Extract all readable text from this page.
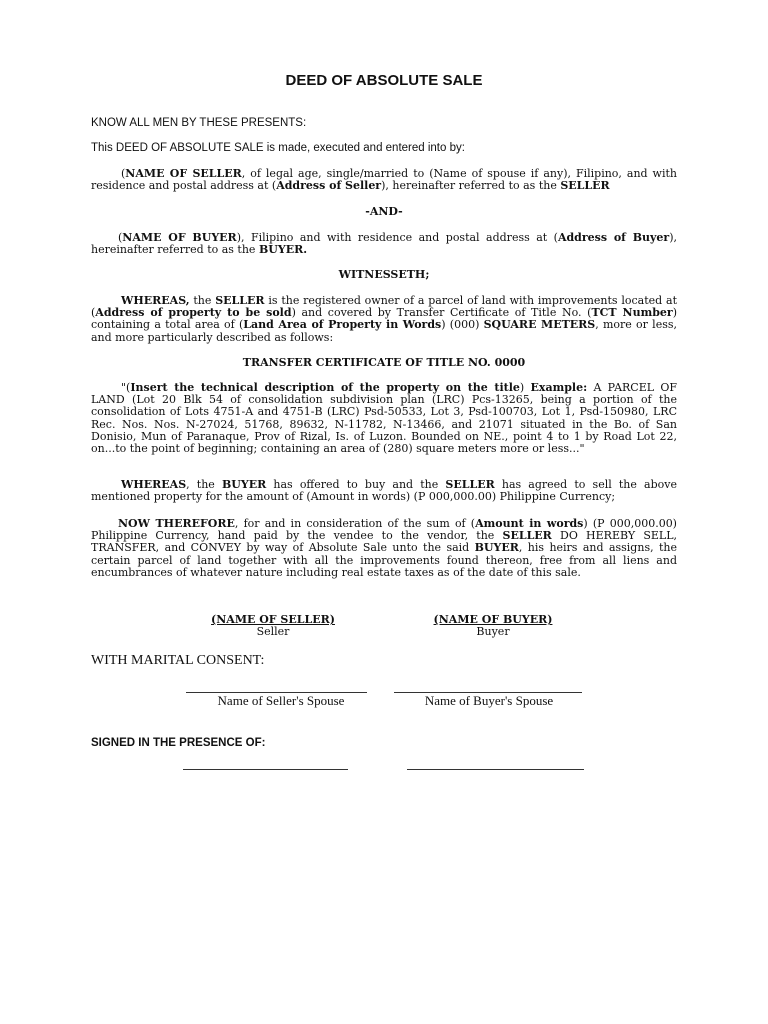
DEED OF ABSOLUTE SALE
KNOW ALL MEN BY THESE PRESENTS:
This DEED OF ABSOLUTE SALE is made, executed and entered into by:
(NAME OF SELLER, of legal age, single/married to (Name of spouse if any), Filipino, and with residence and postal address at (Address of Seller), hereinafter referred to as the SELLER
-AND-
(NAME OF BUYER), Filipino and with residence and postal address at (Address of Buyer), hereinafter referred to as the BUYER.
WITNESSETH;
WHEREAS, the SELLER is the registered owner of a parcel of land with improvements located at (Address of property to be sold) and covered by Transfer Certificate of Title No. (TCT Number) containing a total area of (Land Area of Property in Words) (000) SQUARE METERS, more or less, and more particularly described as follows:
TRANSFER CERTIFICATE OF TITLE NO. 0000
"(Insert the technical description of the property on the title) Example: A PARCEL OF LAND (Lot 20 Blk 54 of consolidation subdivision plan (LRC) Pcs-13265, being a portion of the consolidation of Lots 4751-A and 4751-B (LRC) Psd-50533, Lot 3, Psd-100703, Lot 1, Psd-150980, LRC Rec. Nos. Nos. N-27024, 51768, 89632, N-11782, N-13466, and 21071 situated in the Bo. of San Donisio, Mun of Paranaque, Prov of Rizal, Is. of Luzon. Bounded on NE., point 4 to 1 by Road Lot 22, on...to the point of beginning; containing an area of (280) square meters more or less..."
WHEREAS, the BUYER has offered to buy and the SELLER has agreed to sell the above mentioned property for the amount of (Amount in words) (P 000,000.00) Philippine Currency;
NOW THEREFORE, for and in consideration of the sum of (Amount in words) (P 000,000.00) Philippine Currency, hand paid by the vendee to the vendor, the SELLER DO HEREBY SELL, TRANSFER, and CONVEY by way of Absolute Sale unto the said BUYER, his heirs and assigns, the certain parcel of land together with all the improvements found thereon, free from all liens and encumbrances of whatever nature including real estate taxes as of the date of this sale.
(NAME OF SELLER)
Seller
(NAME OF BUYER)
Buyer
WITH MARITAL CONSENT:
Name of Seller's Spouse	Name of Buyer's Spouse
SIGNED IN THE PRESENCE OF:
